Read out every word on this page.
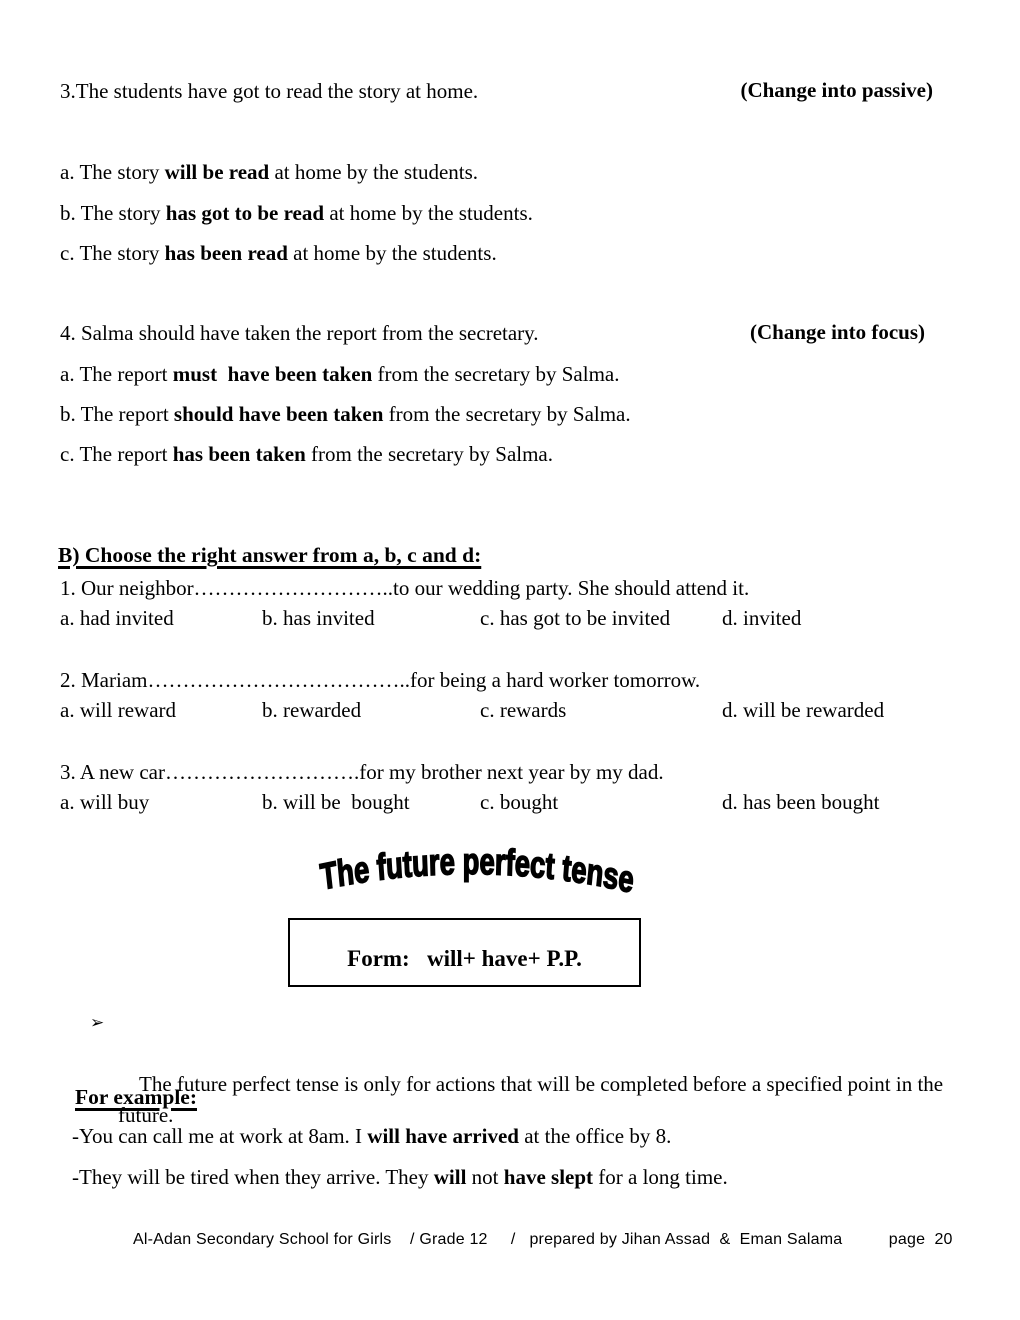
3.The students have got to read the story at home.	(Change into passive)
a. The story will be read at home by the students.
b. The story has got to be read at home by the students.
c. The story has been read at home by the students.
4. Salma should have taken the report from the secretary.	(Change into focus)
a. The report must  have been taken from the secretary by Salma.
b. The report should have been taken from the secretary by Salma.
c. The report has been taken from the secretary by Salma.
B) Choose the right answer from a, b, c and d:
1. Our neighbor………………………..to our wedding party. She should attend it.
a. had invited	b. has invited	c. has got to be invited	d. invited
2. Mariam………………………………..for being a hard worker tomorrow.
a. will reward	b. rewarded	c. rewards	d. will be rewarded
3. A new car……………………….for my brother next year by my dad.
a. will buy	b. will be  bought	c. bought	d. has been bought
The future perfect tense
Form:   will+ have+ P.P.

➢

The future perfect tense is only for actions that will be completed before a specified point in the future.

For example:
-You can call me at work at 8am. I will have arrived at the office by 8.
-They will be tired when they arrive. They will not have slept for a long time.
Al-Adan Secondary School for Girls    / Grade 12     /   prepared by Jihan Assad  &  Eman Salama          page  20
